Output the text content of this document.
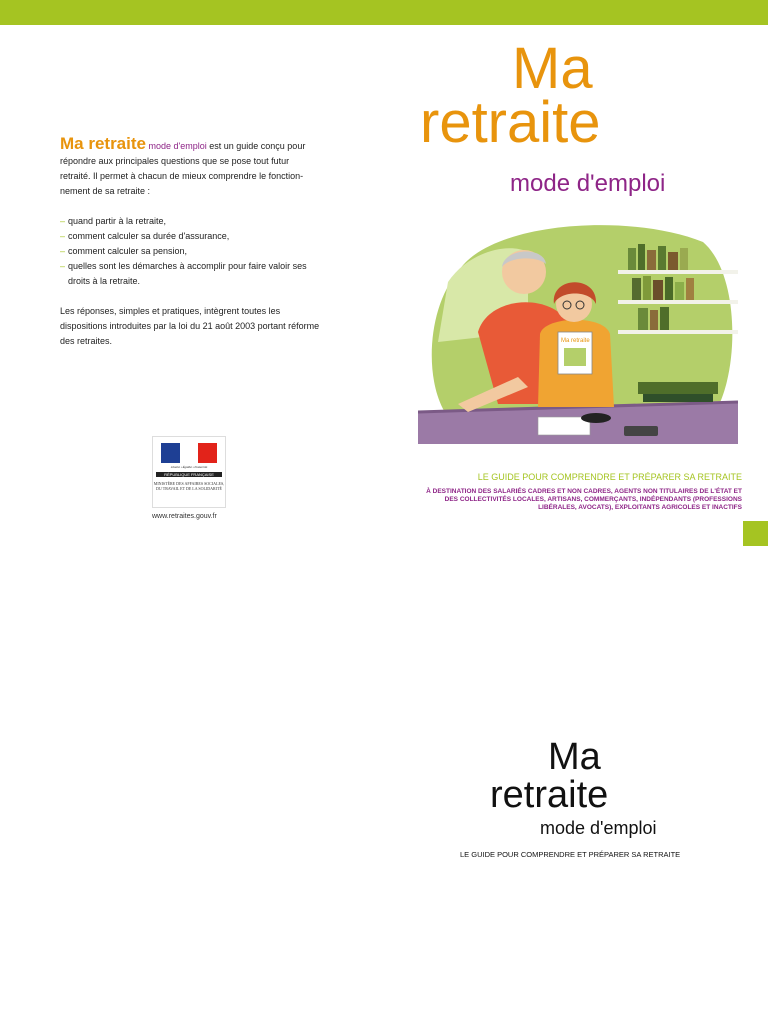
Ma retraite mode d'emploi est un guide conçu pour répondre aux principales questions que se pose tout futur retraité. Il permet à chacun de mieux comprendre le fonction-nement de sa retraite :

– quand partir à la retraite,
– comment calculer sa durée d'assurance,
– comment calculer sa pension,
– quelles sont les démarches à accomplir pour faire valoir ses droits à la retraite.

Les réponses, simples et pratiques, intègrent toutes les dispositions introduites par la loi du 21 août 2003 portant réforme des retraites.

Liberté • Égalité • Fraternité
RÉPUBLIQUE FRANÇAISE
MINISTÈRE DES AFFAIRES SOCIALES, DU TRAVAIL ET DE LA SOLIDARITÉ
www.retraites.gouv.fr
Ma
retraite
mode d'emploi
Ma retraite
LE GUIDE POUR COMPRENDRE ET PRÉPARER SA RETRAITE
À DESTINATION DES SALARIÉS CADRES ET NON CADRES, AGENTS NON TITULAIRES DE L'ÉTAT ET DES COLLECTIVITÉS LOCALES, ARTISANS, COMMERÇANTS, INDÉPENDANTS (PROFESSIONS LIBÉRALES, AVOCATS), EXPLOITANTS AGRICOLES ET INACTIFS
Ma
retraite
mode d'emploi
LE GUIDE POUR COMPRENDRE ET PRÉPARER SA RETRAITE
